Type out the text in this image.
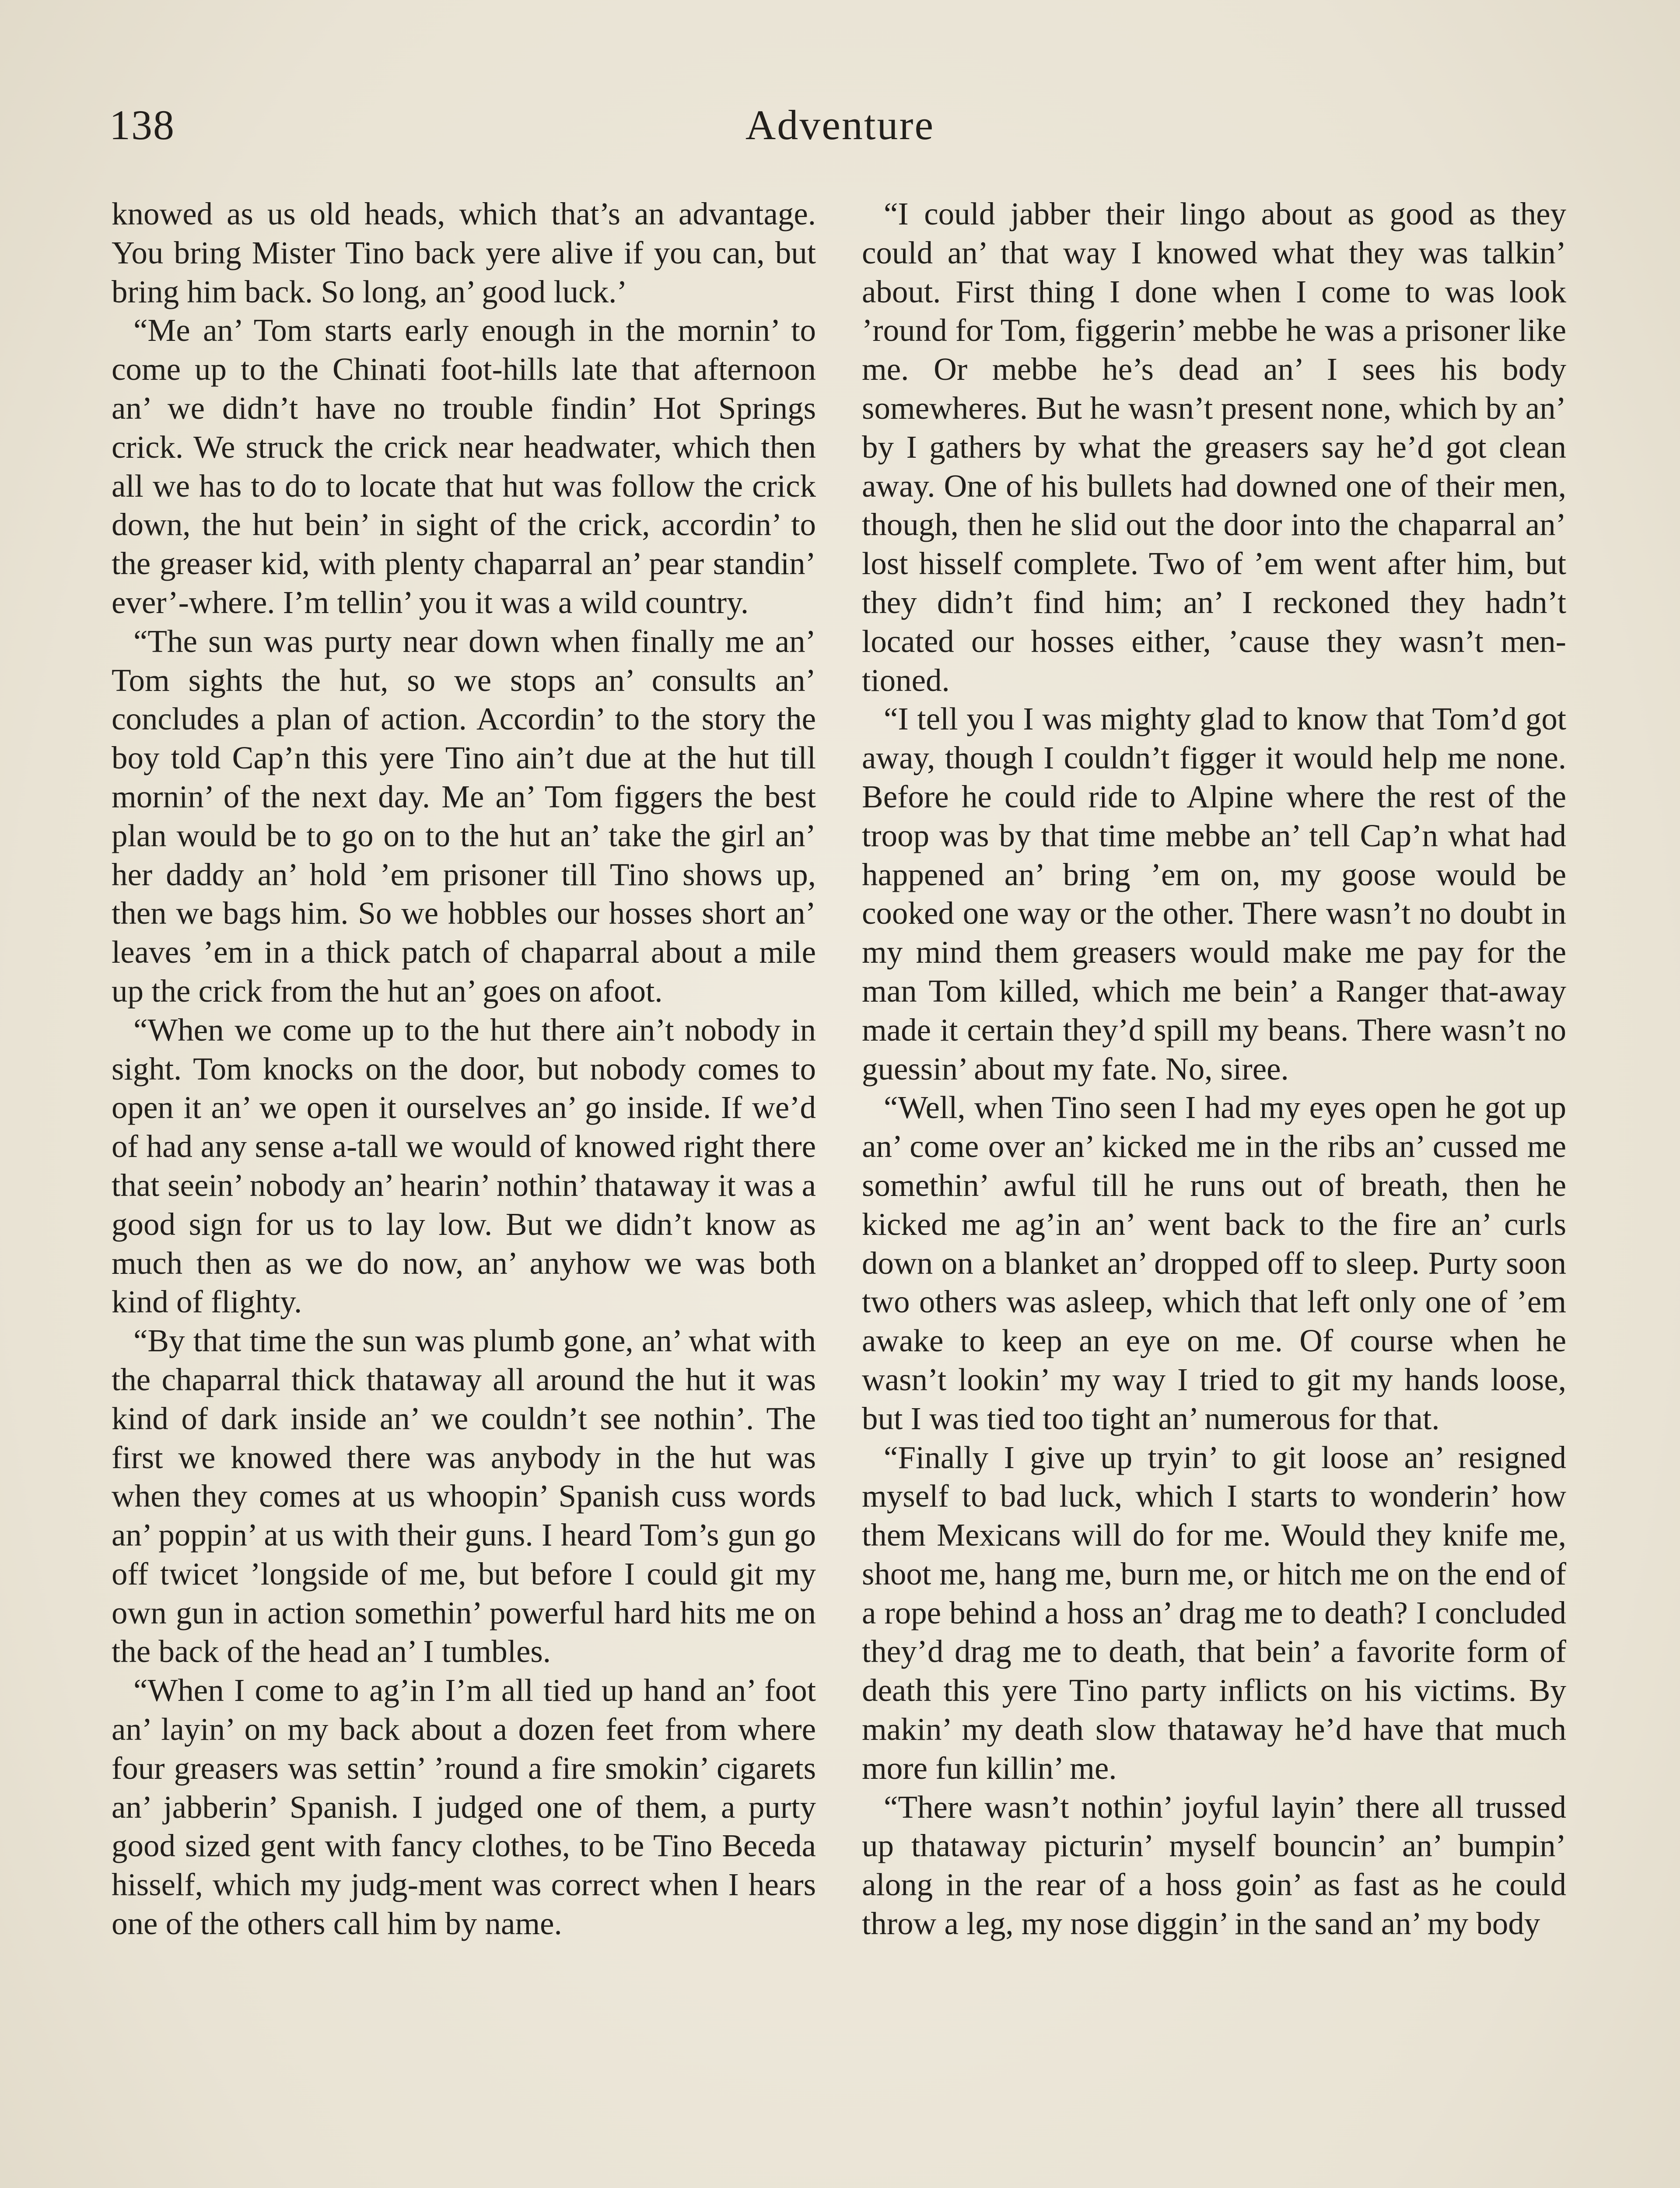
138	Adventure

knowed as us old heads, which that’s an advantage. You bring Mister Tino back yere alive if you can, but bring him back. So long, an’ good luck.’

“Me an’ Tom starts early enough in the mornin’ to come up to the Chinati foot-hills late that afternoon an’ we didn’t have no trouble findin’ Hot Springs crick. We struck the crick near headwater, which then all we has to do to locate that hut was follow the crick down, the hut bein’ in sight of the crick, accordin’ to the greaser kid, with plenty chaparral an’ pear standin’ ever’-where. I’m tellin’ you it was a wild country.

“The sun was purty near down when finally me an’ Tom sights the hut, so we stops an’ consults an’ concludes a plan of action. Accordin’ to the story the boy told Cap’n this yere Tino ain’t due at the hut till mornin’ of the next day. Me an’ Tom figgers the best plan would be to go on to the hut an’ take the girl an’ her daddy an’ hold ’em prisoner till Tino shows up, then we bags him. So we hobbles our hosses short an’ leaves ’em in a thick patch of chaparral about a mile up the crick from the hut an’ goes on afoot.

“When we come up to the hut there ain’t nobody in sight. Tom knocks on the door, but nobody comes to open it an’ we open it ourselves an’ go inside. If we’d of had any sense a-tall we would of knowed right there that seein’ nobody an’ hearin’ nothin’ thataway it was a good sign for us to lay low. But we didn’t know as much then as we do now, an’ anyhow we was both kind of flighty.

“By that time the sun was plumb gone, an’ what with the chaparral thick thataway all around the hut it was kind of dark inside an’ we couldn’t see nothin’. The first we knowed there was anybody in the hut was when they comes at us whoopin’ Spanish cuss words an’ poppin’ at us with their guns. I heard Tom’s gun go off twicet ’longside of me, but before I could git my own gun in action somethin’ powerful hard hits me on the back of the head an’ I tumbles.

“When I come to ag’in I’m all tied up hand an’ foot an’ layin’ on my back about a dozen feet from where four greasers was settin’ ’round a fire smokin’ cigarets an’ jabberin’ Spanish. I judged one of them, a purty good sized gent with fancy clothes, to be Tino Beceda hisself, which my judg-ment was correct when I hears one of the others call him by name.

“I could jabber their lingo about as good as they could an’ that way I knowed what they was talkin’ about. First thing I done when I come to was look ’round for Tom, figgerin’ mebbe he was a prisoner like me. Or mebbe he’s dead an’ I sees his body somewheres. But he wasn’t present none, which by an’ by I gathers by what the greasers say he’d got clean away. One of his bullets had downed one of their men, though, then he slid out the door into the chaparral an’ lost hisself complete. Two of ’em went after him, but they didn’t find him; an’ I reckoned they hadn’t located our hosses either, ’cause they wasn’t men-tioned.

“I tell you I was mighty glad to know that Tom’d got away, though I couldn’t figger it would help me none. Before he could ride to Alpine where the rest of the troop was by that time mebbe an’ tell Cap’n what had happened an’ bring ’em on, my goose would be cooked one way or the other. There wasn’t no doubt in my mind them greasers would make me pay for the man Tom killed, which me bein’ a Ranger that-away made it certain they’d spill my beans. There wasn’t no guessin’ about my fate. No, siree.

“Well, when Tino seen I had my eyes open he got up an’ come over an’ kicked me in the ribs an’ cussed me somethin’ awful till he runs out of breath, then he kicked me ag’in an’ went back to the fire an’ curls down on a blanket an’ dropped off to sleep. Purty soon two others was asleep, which that left only one of ’em awake to keep an eye on me. Of course when he wasn’t lookin’ my way I tried to git my hands loose, but I was tied too tight an’ numerous for that.

“Finally I give up tryin’ to git loose an’ resigned myself to bad luck, which I starts to wonderin’ how them Mexicans will do for me. Would they knife me, shoot me, hang me, burn me, or hitch me on the end of a rope behind a hoss an’ drag me to death? I concluded they’d drag me to death, that bein’ a favorite form of death this yere Tino party inflicts on his victims. By makin’ my death slow thataway he’d have that much more fun killin’ me.

“There wasn’t nothin’ joyful layin’ there all trussed up thataway picturin’ myself bouncin’ an’ bumpin’ along in the rear of a hoss goin’ as fast as he could throw a leg, my nose diggin’ in the sand an’ my body
